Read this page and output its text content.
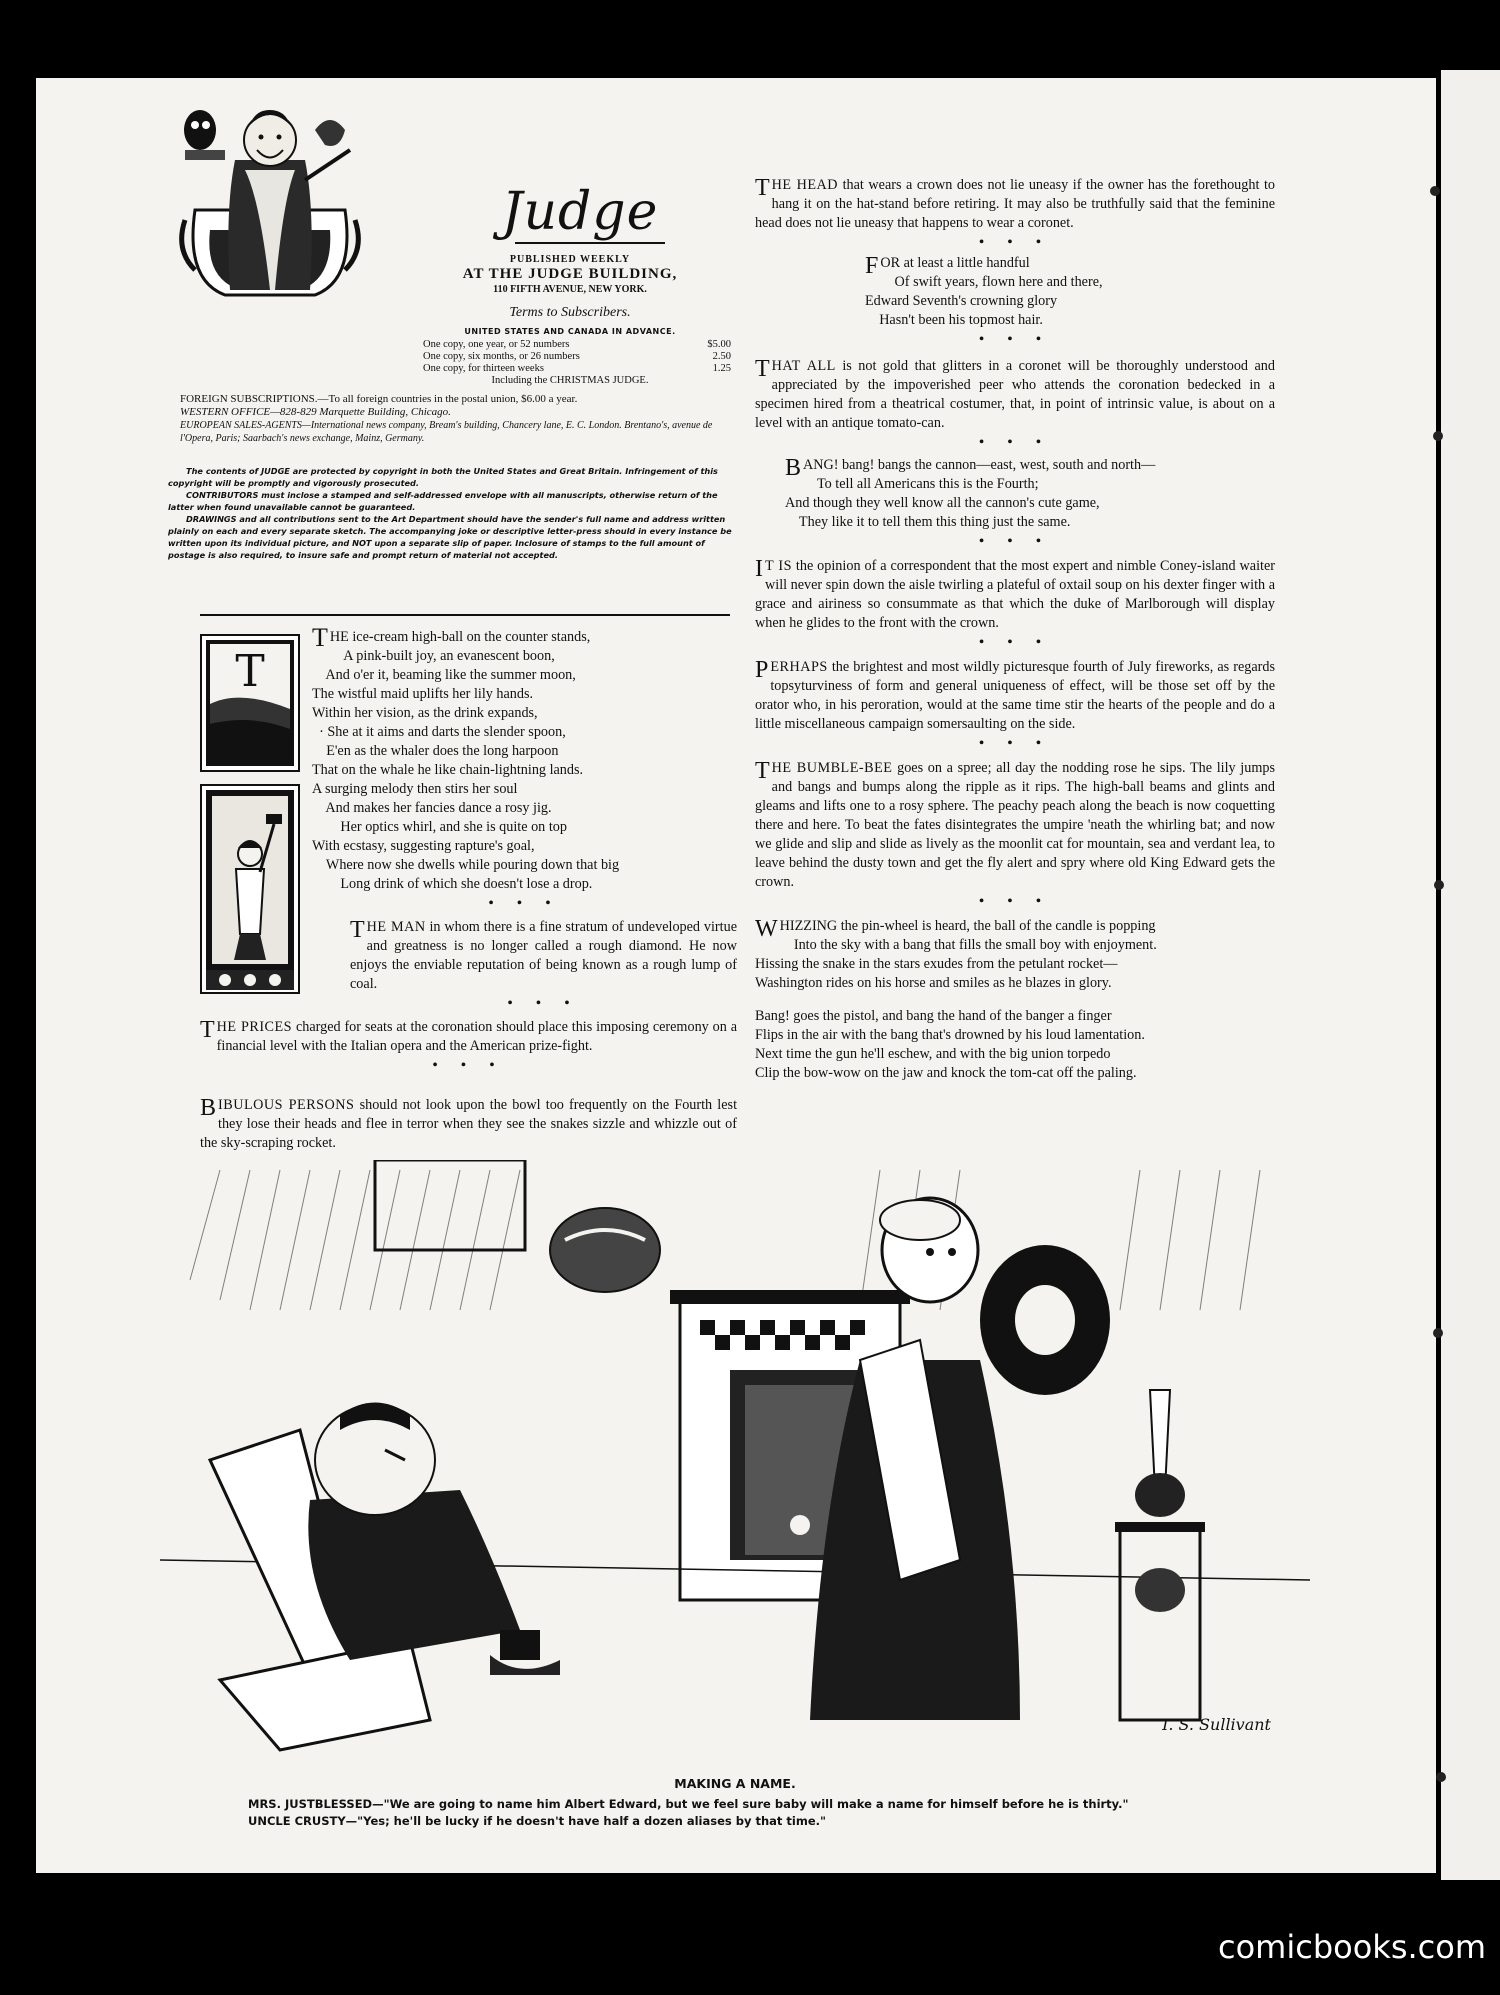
Judge
PUBLISHED WEEKLY
AT THE JUDGE BUILDING,
110 FIFTH AVENUE, NEW YORK.
Terms to Subscribers.
UNITED STATES AND CANADA IN ADVANCE.
One copy, one year, or 52 numbers	$5.00
One copy, six months, or 26 numbers	2.50
One copy, for thirteen weeks	1.25
Including the CHRISTMAS JUDGE.

FOREIGN SUBSCRIPTIONS.—To all foreign countries in the postal union, $6.00 a year.

WESTERN OFFICE—828-829 Marquette Building, Chicago.

EUROPEAN SALES-AGENTS—International news company, Bream's building, Chancery lane, E. C. London. Brentano's, avenue de l'Opera, Paris; Saarbach's news exchange, Mainz, Germany.

The contents of JUDGE are protected by copyright in both the United States and Great Britain. Infringement of this copyright will be promptly and vigorously prosecuted.

CONTRIBUTORS must inclose a stamped and self-addressed envelope with all manuscripts, otherwise return of the latter when found unavailable cannot be guaranteed.

DRAWINGS and all contributions sent to the Art Department should have the sender's full name and address written plainly on each and every separate sketch. The accompanying joke or descriptive letter-press should in every instance be written upon its individual picture, and NOT upon a separate slip of paper. Inclosure of stamps to the full amount of postage is also required, to insure safe and prompt return of material not accepted.

T
T HE ice-cream high-ball on the counter stands,

A pink-built joy, an evanescent boon,

And o'er it, beaming like the summer moon,

The wistful maid uplifts her lily hands.

Within her vision, as the drink expands,

· She at it aims and darts the slender spoon,

E'en as the whaler does the long harpoon

That on the whale he like chain-lightning lands.

A surging melody then stirs her soul

And makes her fancies dance a rosy jig.

Her optics whirl, and she is quite on top

With ecstasy, suggesting rapture's goal,

Where now she dwells while pouring down that big

Long drink of which she doesn't lose a drop.

• • •

THE MAN in whom there is a fine stratum of undeveloped virtue and greatness is no longer called a rough diamond. He now enjoys the enviable reputation of being known as a rough lump of coal.

• • •

THE PRICES charged for seats at the coronation should place this imposing ceremony on a financial level with the Italian opera and the American prize-fight.

• • •

BIBULOUS PERSONS should not look upon the bowl too frequently on the Fourth lest they lose their heads and flee in terror when they see the snakes sizzle and whizzle out of the sky-scraping rocket.

THE HEAD that wears a crown does not lie uneasy if the owner has the forethought to hang it on the hat-stand before retiring. It may also be truthfully said that the feminine head does not lie uneasy that happens to wear a coronet.

• • •

FOR at least a little handful

Of swift years, flown here and there,

Edward Seventh's crowning glory

Hasn't been his topmost hair.

• • •

THAT ALL is not gold that glitters in a coronet will be thoroughly understood and appreciated by the impoverished peer who attends the coronation bedecked in a specimen hired from a theatrical costumer, that, in point of intrinsic value, is about on a level with an antique tomato-can.

• • •

BANG! bang! bangs the cannon—east, west, south and north—

To tell all Americans this is the Fourth;

And though they well know all the cannon's cute game,

They like it to tell them this thing just the same.

• • •

I T IS the opinion of a correspondent that the most expert and nimble Coney-island waiter will never spin down the aisle twirling a plateful of oxtail soup on his dexter finger with a grace and airiness so consummate as that which the duke of Marlborough will display when he glides to the front with the crown.

• • •

PERHAPS the brightest and most wildly picturesque fourth of July fireworks, as regards topsyturviness of form and general uniqueness of effect, will be those set off by the orator who, in his peroration, would at the same time stir the hearts of the people and do a little miscellaneous campaign somersaulting on the side.

• • •

THE BUMBLE-BEE goes on a spree; all day the nodding rose he sips. The lily jumps and bangs and bumps along the ripple as it rips. The high-ball beams and glints and gleams and lifts one to a rosy sphere. The peachy peach along the beach is now coquetting there and here. To beat the fates disintegrates the umpire 'neath the whirling bat; and now we glide and slip and slide as lively as the moonlit cat for mountain, sea and verdant lea, to leave behind the dusty town and get the fly alert and spry where old King Edward gets the crown.

• • •

WHIZZING the pin-wheel is heard, the ball of the candle is popping

Into the sky with a bang that fills the small boy with enjoyment.

Hissing the snake in the stars exudes from the petulant rocket—

Washington rides on his horse and smiles as he blazes in glory.

Bang! goes the pistol, and bang the hand of the banger a finger

Flips in the air with the bang that's drowned by his loud lamentation.

Next time the gun he'll eschew, and with the big union torpedo

Clip the bow-wow on the jaw and knock the tom-cat off the paling.

T. S. Sullivant
MAKING A NAME.
MRS. JUSTBLESSED—"We are going to name him Albert Edward, but we feel sure baby will make a name for himself before he is thirty."
UNCLE CRUSTY—"Yes; he'll be lucky if he doesn't have half a dozen aliases by that time."
comicbooks.com
